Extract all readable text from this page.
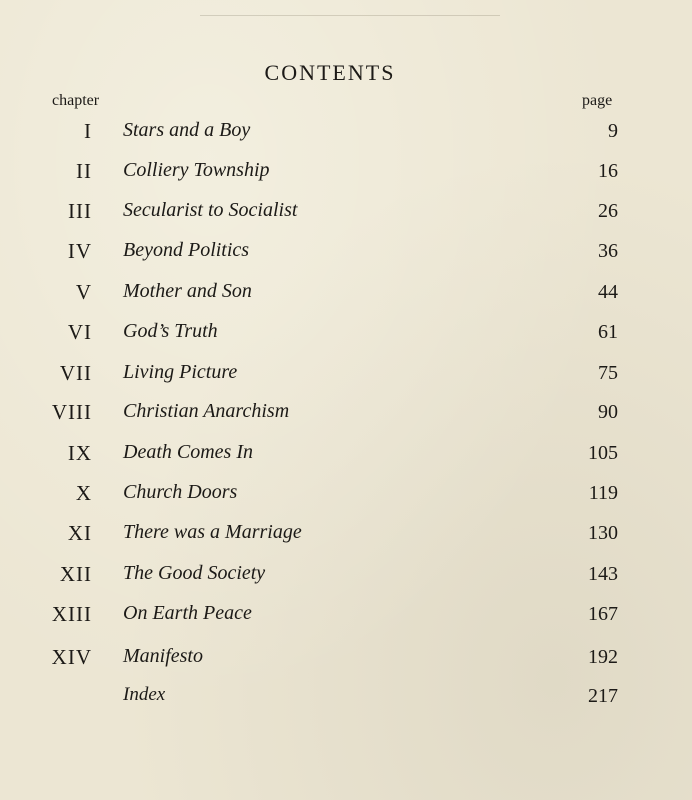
CONTENTS
chapter	page
I Stars and a Boy	9
II Colliery Township	16
III Secularist to Socialist	26
IV Beyond Politics	36
V Mother and Son	44
VI God’s Truth	61
VII Living Picture	75
VIII Christian Anarchism	90
IX Death Comes In	105
X Church Doors	119
XI There was a Marriage	130
XII The Good Society	143
XIII On Earth Peace	167
XIV Manifesto	192
Index	217
